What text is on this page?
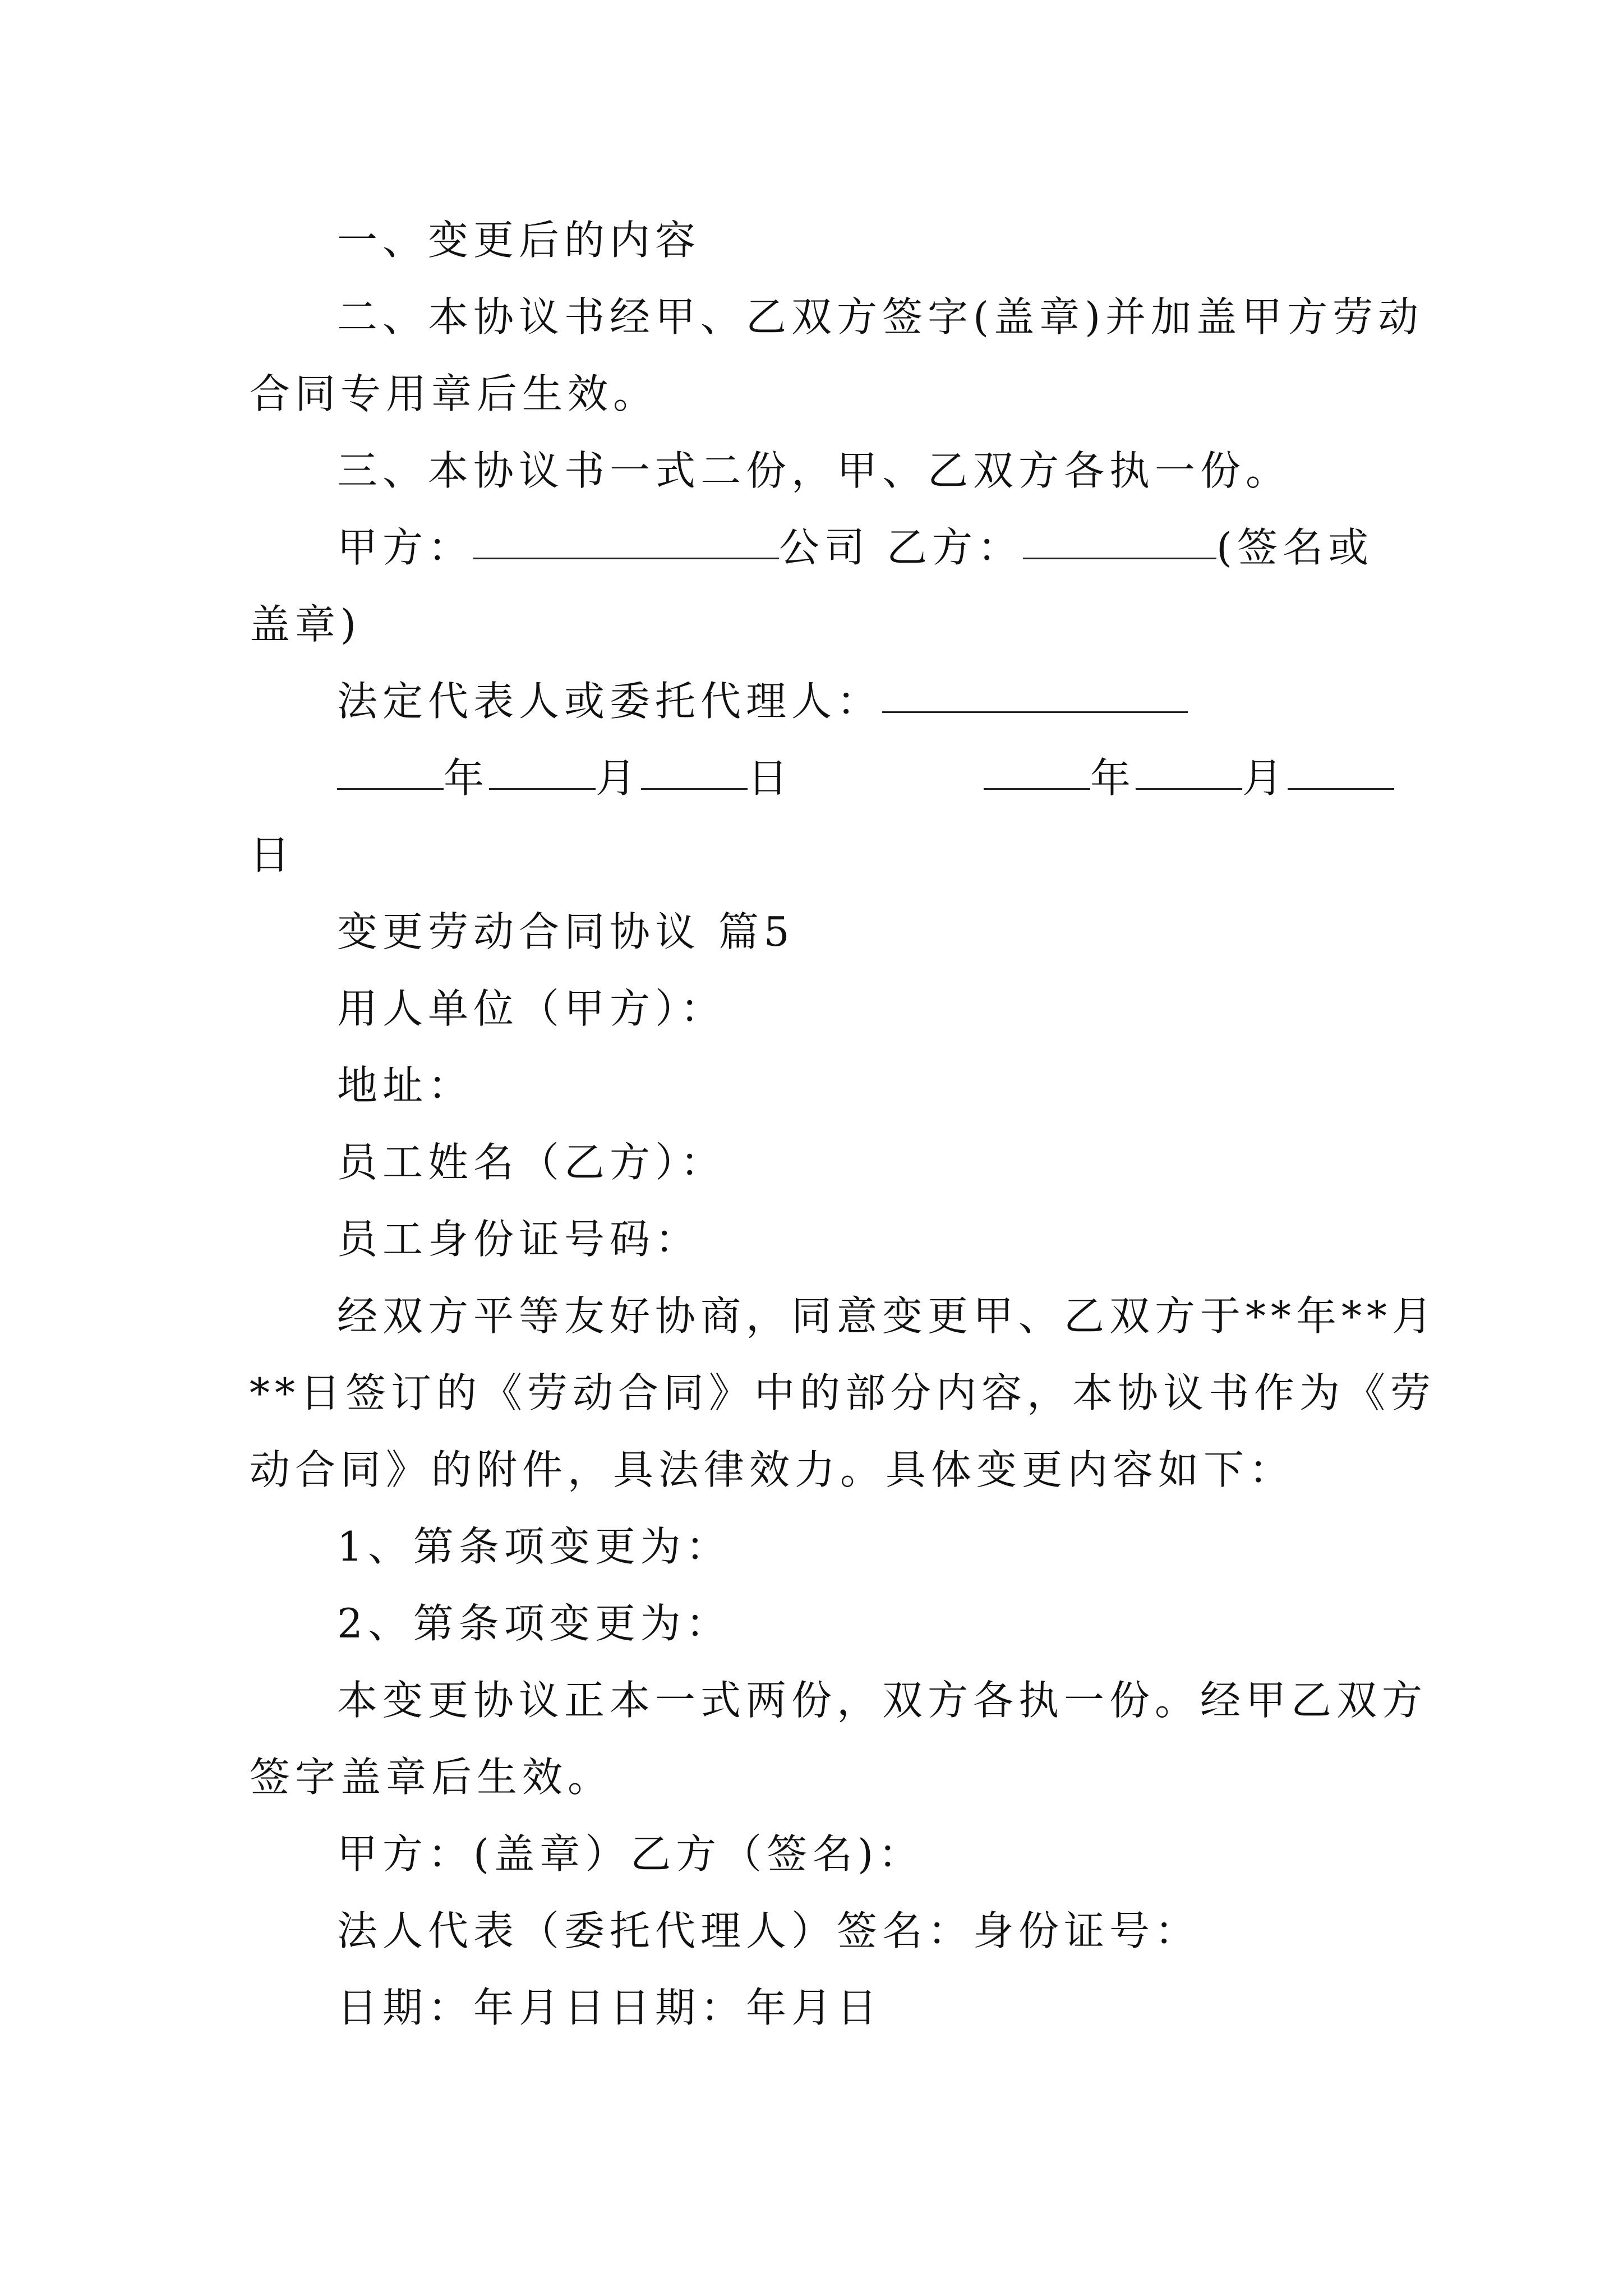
一、变更后的内容
二、本协议书经甲、乙双方签字(盖章)并加盖甲方劳动
合同专用章后生效。
三、本协议书一式二份，甲、乙双方各执一份。
甲方：	公司 乙方：	(签名或
盖章)
法定代表人或委托代理人：
年	月	日	年	月
日
变更劳动合同协议 篇5
用人单位（甲方）：
地址：
员工姓名（乙方）：
员工身份证号码：
经双方平等友好协商，同意变更甲、乙双方于**年**月
**日签订的《劳动合同》中的部分内容，本协议书作为《劳
动合同》的附件，具法律效力。具体变更内容如下：
1、第条项变更为：
2、第条项变更为：
本变更协议正本一式两份，双方各执一份。经甲乙双方
签字盖章后生效。
甲方：(盖章）乙方（签名)：
法人代表（委托代理人）签名：身份证号：
日期：年月日日期：年月日
